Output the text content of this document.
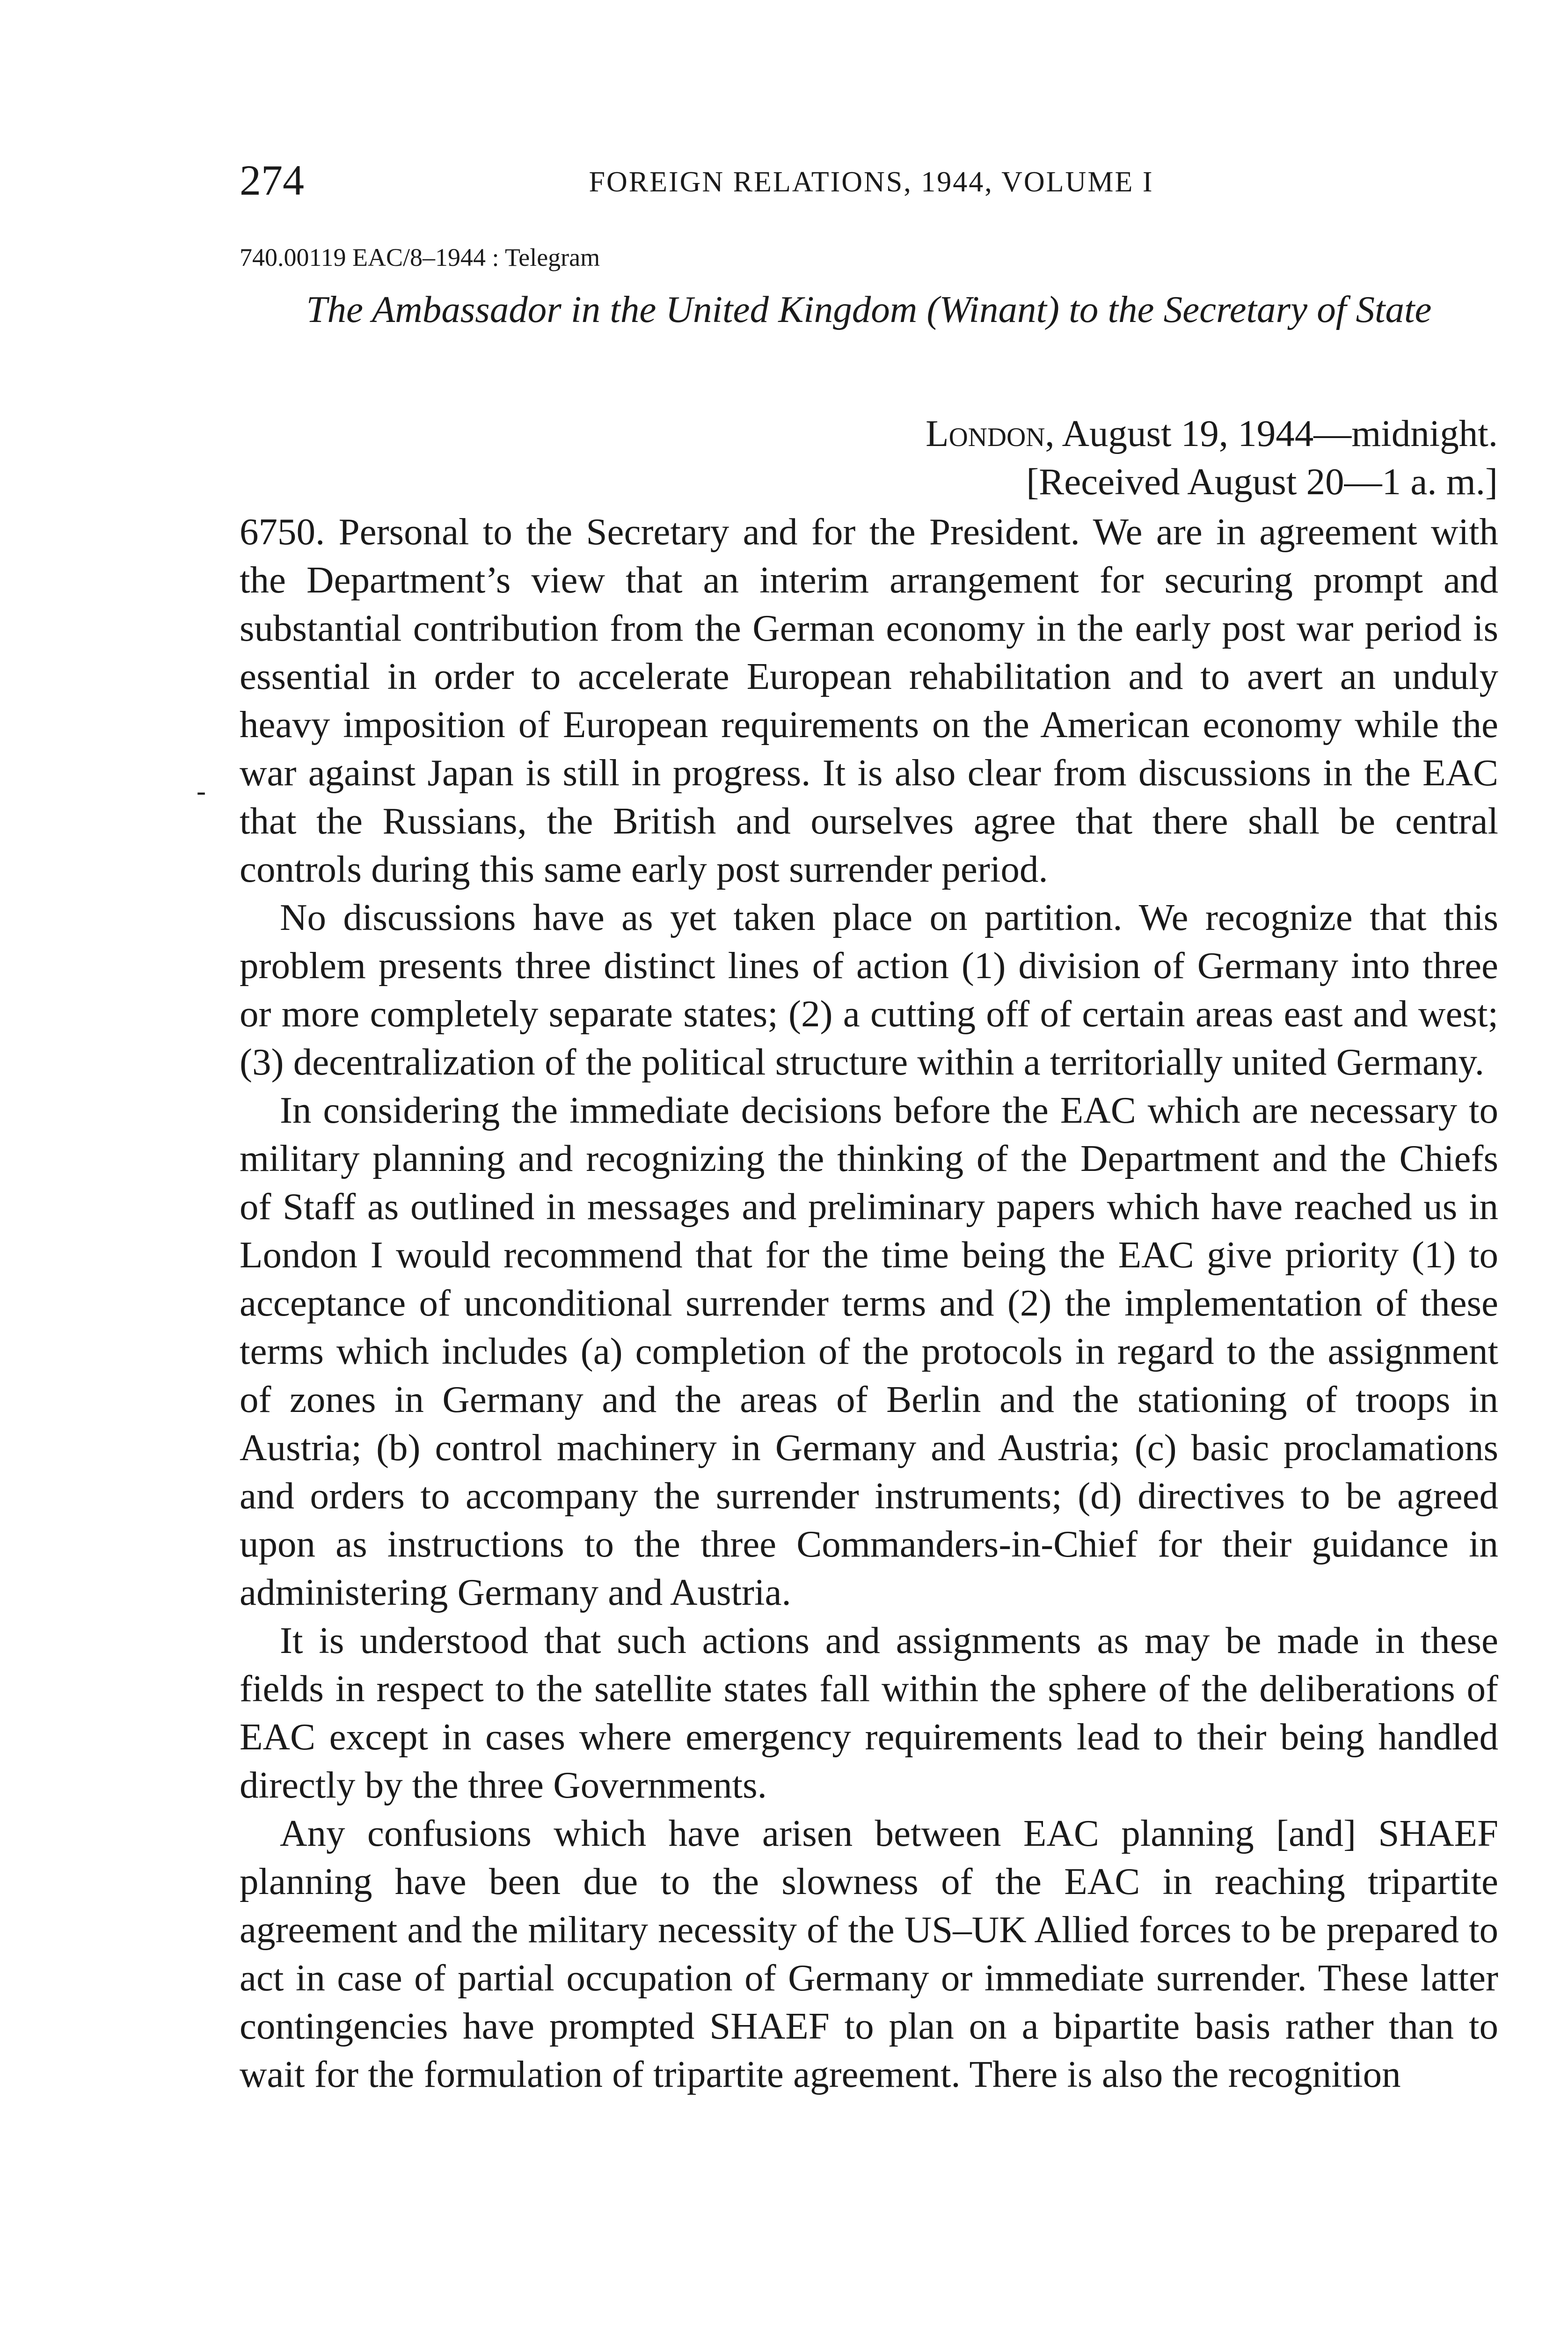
274	FOREIGN RELATIONS, 1944, VOLUME I
740.00119 EAC/8–1944 : Telegram
The Ambassador in the United Kingdom (Winant) to the Secretary of State
London, August 19, 1944—midnight.
[Received August 20—1 a. m.]
-

6750. Personal to the Secretary and for the President. We are in agreement with the Department’s view that an interim arrangement for securing prompt and substantial contribution from the German economy in the early post war period is essential in order to accelerate European rehabilitation and to avert an unduly heavy imposition of European requirements on the American economy while the war against Japan is still in progress. It is also clear from discussions in the EAC that the Russians, the British and ourselves agree that there shall be central controls during this same early post surrender period.

No discussions have as yet taken place on partition. We recognize that this problem presents three distinct lines of action (1) division of Germany into three or more completely separate states; (2) a cutting off of certain areas east and west; (3) decentralization of the political structure within a territorially united Germany.

In considering the immediate decisions before the EAC which are necessary to military planning and recognizing the thinking of the Department and the Chiefs of Staff as outlined in messages and preliminary papers which have reached us in London I would recommend that for the time being the EAC give priority (1) to acceptance of unconditional surrender terms and (2) the implementation of these terms which includes (a) completion of the protocols in regard to the assignment of zones in Germany and the areas of Berlin and the stationing of troops in Austria; (b) control machinery in Germany and Austria; (c) basic proclamations and orders to accompany the surrender instruments; (d) directives to be agreed upon as instructions to the three Commanders-in-Chief for their guidance in administering Germany and Austria.

It is understood that such actions and assignments as may be made in these fields in respect to the satellite states fall within the sphere of the deliberations of EAC except in cases where emergency requirements lead to their being handled directly by the three Governments.

Any confusions which have arisen between EAC planning [and] SHAEF planning have been due to the slowness of the EAC in reaching tripartite agreement and the military necessity of the US–UK Allied forces to be prepared to act in case of partial occupation of Germany or immediate surrender. These latter contingencies have prompted SHAEF to plan on a bipartite basis rather than to wait for the formulation of tripartite agreement. There is also the recognition
